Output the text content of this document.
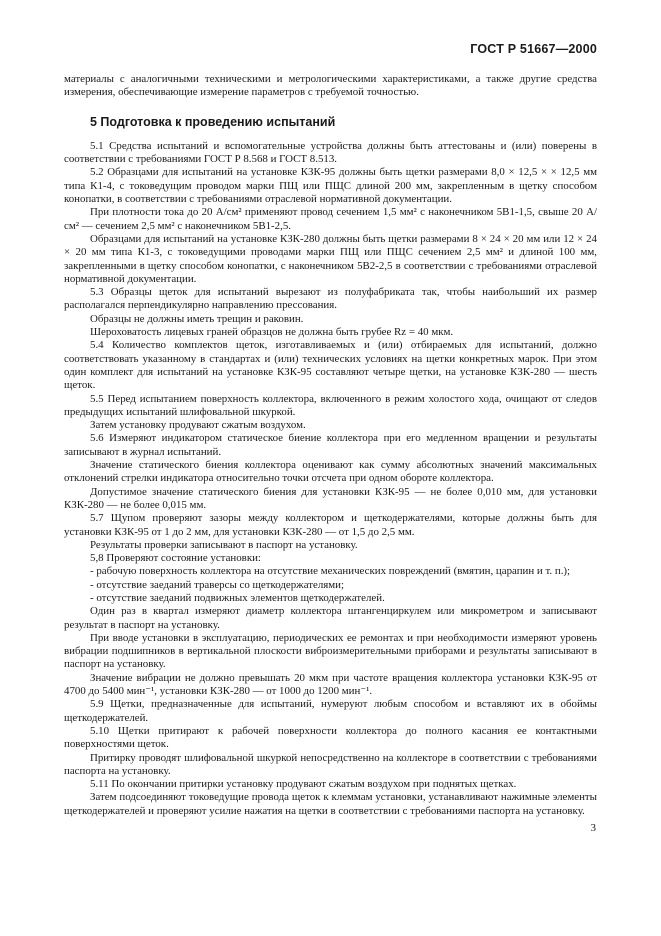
ГОСТ Р 51667—2000

материалы с аналогичными техническими и метрологическими характеристиками, а также другие средства измерения, обеспечивающие измерение параметров с требуемой точностью.

5 Подготовка к проведению испытаний

5.1 Средства испытаний и вспомогательные устройства должны быть аттестованы и (или) поверены в соответствии с требованиями ГОСТ Р 8.568 и ГОСТ 8.513.

5.2 Образцами для испытаний на установке КЗК-95 должны быть щетки размерами 8,0 × 12,5 × × 12,5 мм типа К1-4, с токоведущим проводом марки ПЩ или ПЩС длиной 200 мм, закрепленным в щетку способом конопатки, в соответствии с требованиями отраслевой нормативной документации.

При плотности тока до 20 А/см² применяют провод сечением 1,5 мм² с наконечником 5В1-1,5, свыше 20 А/см² — сечением 2,5 мм² с наконечником 5В1-2,5.

Образцами для испытаний на установке КЗК-280 должны быть щетки размерами 8 × 24 × 20 мм или 12 × 24 × 20 мм типа К1-3, с токоведущими проводами марки ПЩ или ПЩС сечением 2,5 мм² и длиной 100 мм, закрепленными в щетку способом конопатки, с наконечником 5В2-2,5 в соответствии с требованиями отраслевой нормативной документации.

5.3 Образцы щеток для испытаний вырезают из полуфабриката так, чтобы наибольший их размер располагался перпендикулярно направлению прессования.

Образцы не должны иметь трещин и раковин.

Шероховатость лицевых граней образцов не должна быть грубее Rz = 40 мкм.

5.4 Количество комплектов щеток, изготавливаемых и (или) отбираемых для испытаний, должно соответствовать указанному в стандартах и (или) технических условиях на щетки конкретных марок. При этом один комплект для испытаний на установке КЗК-95 составляют четыре щетки, на установке КЗК-280 — шесть щеток.

5.5 Перед испытанием поверхность коллектора, включенного в режим холостого хода, очищают от следов предыдущих испытаний шлифовальной шкуркой.

Затем установку продувают сжатым воздухом.

5.6 Измеряют индикатором статическое биение коллектора при его медленном вращении и результаты записывают в журнал испытаний.

Значение статического биения коллектора оценивают как сумму абсолютных значений максимальных отклонений стрелки индикатора относительно точки отсчета при одном обороте коллектора.

Допустимое значение статического биения для установки КЗК-95 — не более 0,010 мм, для установки КЗК-280 — не более 0,015 мм.

5.7 Щупом проверяют зазоры между коллектором и щеткодержателями, которые должны быть для установки КЗК-95 от 1 до 2 мм, для установки КЗК-280 — от 1,5 до 2,5 мм.

Результаты проверки записывают в паспорт на установку.

5,8 Проверяют состояние установки:

- рабочую поверхность коллектора на отсутствие механических повреждений (вмятин, царапин и т. п.);

- отсутствие заеданий траверсы со щеткодержателями;

- отсутствие заеданий подвижных элементов щеткодержателей.

Один раз в квартал измеряют диаметр коллектора штангенциркулем или микрометром и записывают результат в паспорт на установку.

При вводе установки в эксплуатацию, периодических ее ремонтах и при необходимости измеряют уровень вибрации подшипников в вертикальной плоскости виброизмерительными приборами и результаты записывают в паспорт на установку.

Значение вибрации не должно превышать 20 мкм при частоте вращения коллектора установки КЗК-95 от 4700 до 5400 мин⁻¹, установки КЗК-280 — от 1000 до 1200 мин⁻¹.

5.9 Щетки, предназначенные для испытаний, нумеруют любым способом и вставляют их в обоймы щеткодержателей.

5.10 Щетки притирают к рабочей поверхности коллектора до полного касания ее контактными поверхностями щеток.

Притирку проводят шлифовальной шкуркой непосредственно на коллекторе в соответствии с требованиями паспорта на установку.

5.11 По окончании притирки установку продувают сжатым воздухом при поднятых щетках.

Затем подсоединяют токоведущие провода щеток к клеммам установки, устанавливают нажимные элементы щеткодержателей и проверяют усилие нажатия на щетки в соответствии с требованиями паспорта на установку.

3
